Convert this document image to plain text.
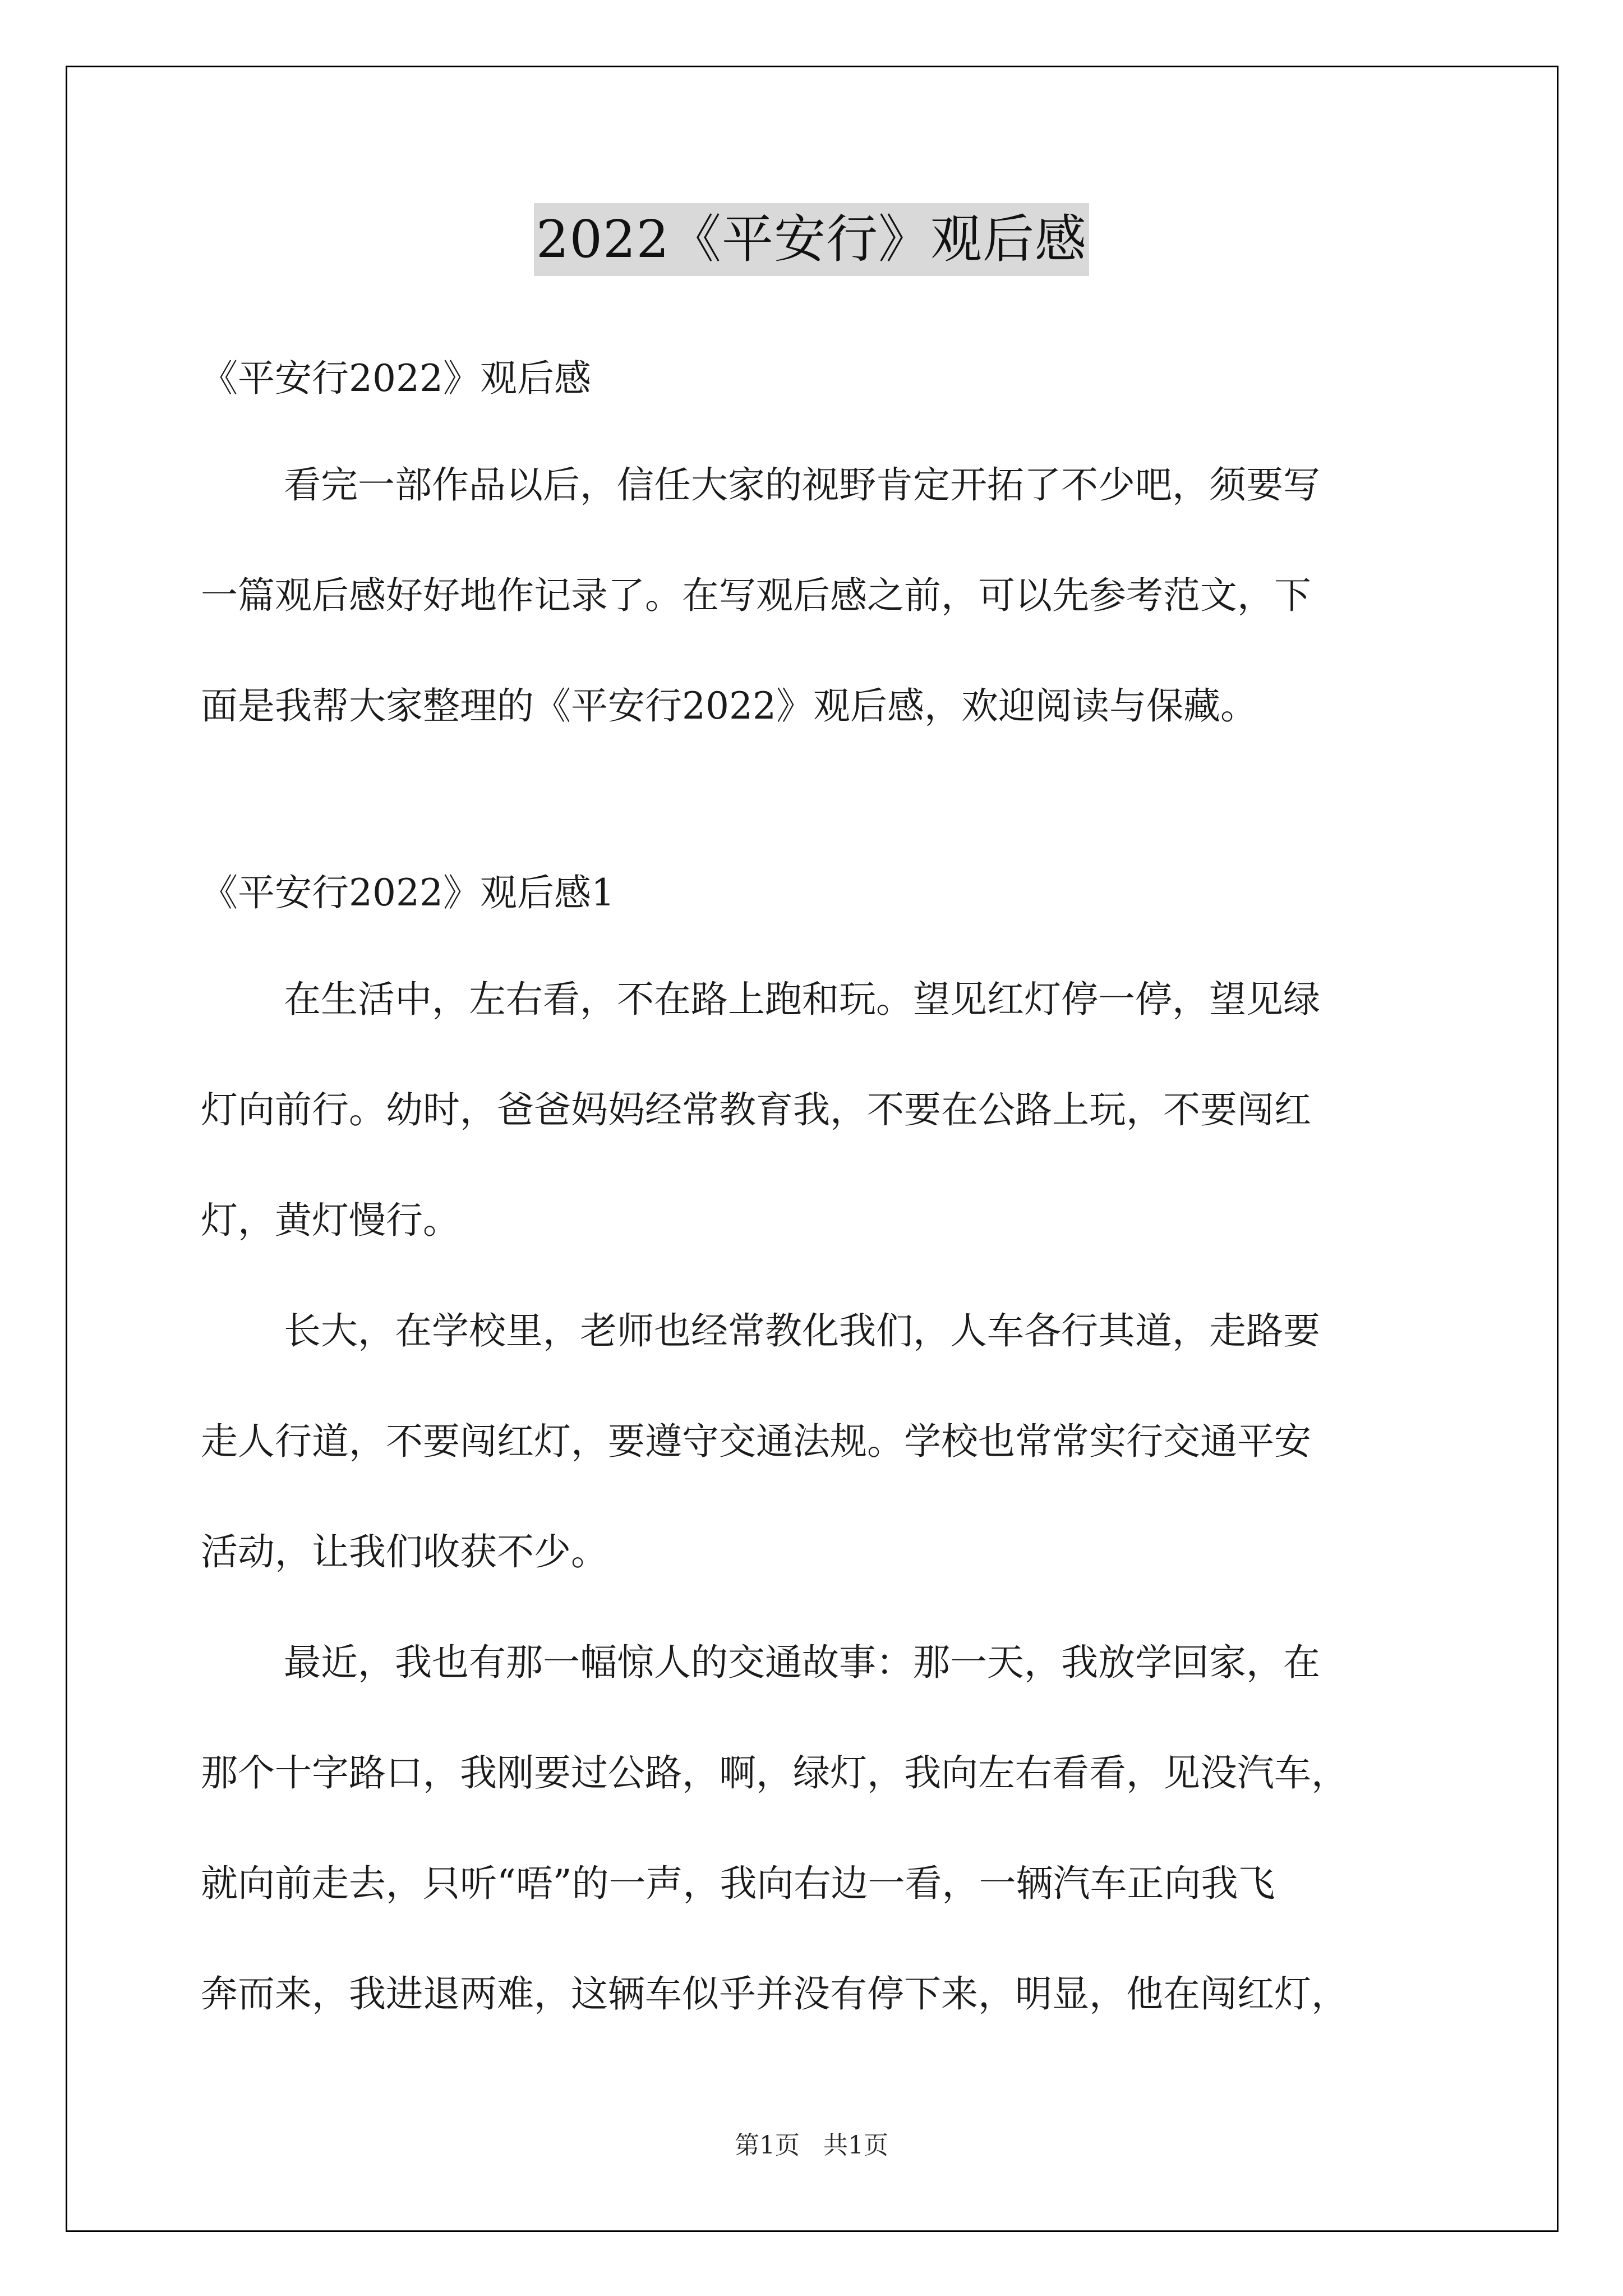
2022《平安行》观后感

《平安行2022》观后感

看完一部作品以后，信任大家的视野肯定开拓了不少吧，须要写
一篇观后感好好地作记录了。在写观后感之前，可以先参考范文，下
面是我帮大家整理的《平安行2022》观后感，欢迎阅读与保藏。

《平安行2022》观后感1

在生活中，左右看，不在路上跑和玩。望见红灯停一停，望见绿
灯向前行。幼时，爸爸妈妈经常教育我，不要在公路上玩，不要闯红
灯，黄灯慢行。

长大，在学校里，老师也经常教化我们，人车各行其道，走路要
走人行道，不要闯红灯，要遵守交通法规。学校也常常实行交通平安
活动，让我们收获不少。

最近，我也有那一幅惊人的交通故事：那一天，我放学回家，在
那个十字路口，我刚要过公路，啊，绿灯，我向左右看看，见没汽车，
就向前走去，只听“唔”的一声，我向右边一看，一辆汽车正向我飞
奔而来，我进退两难，这辆车似乎并没有停下来，明显，他在闯红灯，

第1页   共1页
